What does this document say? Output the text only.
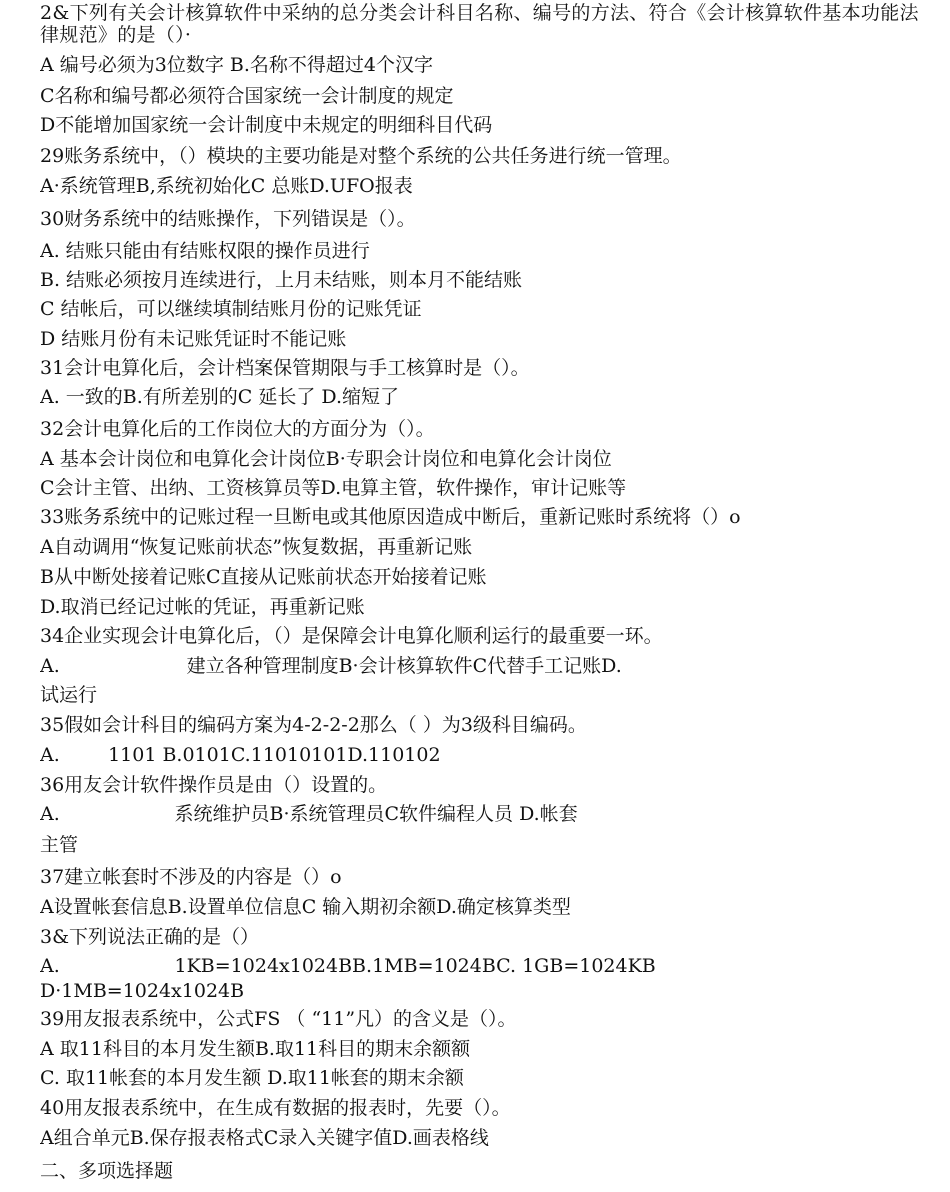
2&下列有关会计核算软件中采纳的总分类会计科目名称、编号的方法、符合《会计核算软件基本功能法律规范》的是（）·
A 编号必须为3位数字 B.名称不得超过4个汉字
C名称和编号都必须符合国家统一会计制度的规定
D不能增加国家统一会计制度中未规定的明细科目代码
29账务系统中，（）模块的主要功能是对整个系统的公共任务进行统一管理。
A·系统管理B,系统初始化C 总账D.UFO报表
30财务系统中的结账操作，下列错误是（）。
A. 结账只能由有结账权限的操作员进行
B. 结账必须按月连续进行，上月未结账，则本月不能结账
C 结帐后，可以继续填制结账月份的记账凭证
D 结账月份有未记账凭证时不能记账
31会计电算化后，会计档案保管期限与手工核算时是（）。
A. 一致的B.有所差别的C 延长了 D.缩短了
32会计电算化后的工作岗位大的方面分为（）。
A 基本会计岗位和电算化会计岗位B·专职会计岗位和电算化会计岗位
C会计主管、出纳、工资核算员等D.电算主管，软件操作，审计记账等
33账务系统中的记账过程一旦断电或其他原因造成中断后，重新记账时系统将（）o
A自动调用“恢复记账前状态”恢复数据，再重新记账
B从中断处接着记账C直接从记账前状态开始接着记账
D.取消已经记过帐的凭证，再重新记账
34企业实现会计电算化后，（）是保障会计电算化顺利运行的最重要一环。
A.                     建立各种管理制度B·会计核算软件C代替手工记账D.
试运行
35假如会计科目的编码方案为4-2-2-2那么（ ）为3级科目编码。
A.        1101 B.0101C.11010101D.110102
36用友会计软件操作员是由（）设置的。
A.                   系统维护员B·系统管理员C软件编程人员 D.帐套
主管
37建立帐套时不涉及的内容是（）o
A设置帐套信息B.设置单位信息C 输入期初余额D.确定核算类型
3&下列说法正确的是（）
A.                   1KB=1024x1024BB.1MB=1024BC. 1GB=1024KB
D·1MB=1024x1024B
39用友报表系统中，公式FS （ “11”凡）的含义是（）。
A 取11科目的本月发生额B.取11科目的期末余额额
C. 取11帐套的本月发生额 D.取11帐套的期末余额
40用友报表系统中，在生成有数据的报表时，先要（）。
A组合单元B.保存报表格式C录入关键字值D.画表格线
二、多项选择题
